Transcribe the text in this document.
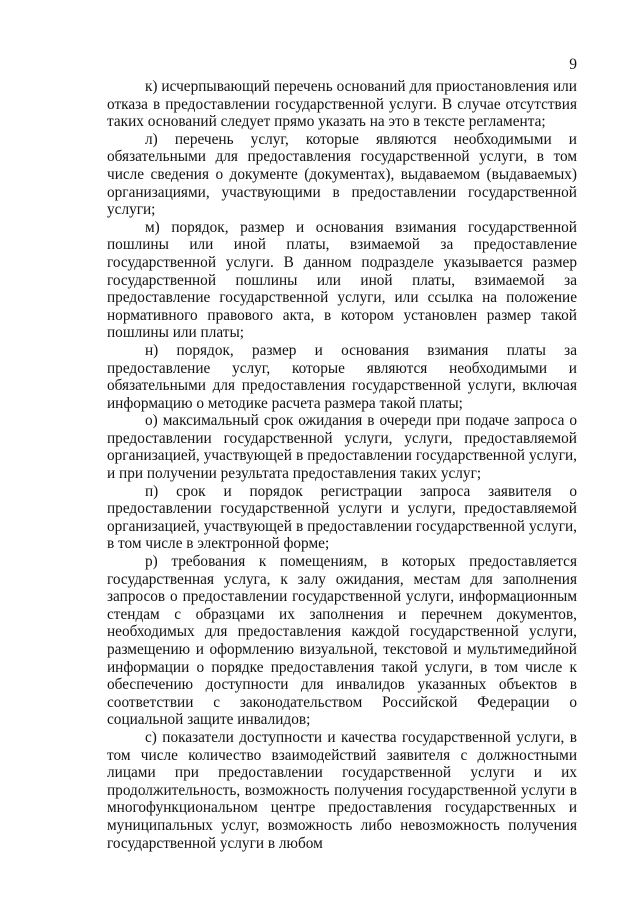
9

к) исчерпывающий перечень оснований для приостановления или отказа в предоставлении государственной услуги. В случае отсутствия таких оснований следует прямо указать на это в тексте регламента;

л) перечень услуг, которые являются необходимыми и обязательными для предоставления государственной услуги, в том числе сведения о документе (документах), выдаваемом (выдаваемых) организациями, участвующими в предоставлении государственной услуги;

м) порядок, размер и основания взимания государственной пошлины или иной платы, взимаемой за предоставление государственной услуги. В данном подразделе указывается размер государственной пошлины или иной платы, взимаемой за предоставление государственной услуги, или ссылка на положение нормативного правового акта, в котором установлен размер такой пошлины или платы;

н) порядок, размер и основания взимания платы за предоставление услуг, которые являются необходимыми и обязательными для предоставления государственной услуги, включая информацию о методике расчета размера такой платы;

о) максимальный срок ожидания в очереди при подаче запроса о предоставлении государственной услуги, услуги, предоставляемой организацией, участвующей в предоставлении государственной услуги, и при получении результата предоставления таких услуг;

п) срок и порядок регистрации запроса заявителя о предоставлении государственной услуги и услуги, предоставляемой организацией, участвующей в предоставлении государственной услуги, в том числе в электронной форме;

р) требования к помещениям, в которых предоставляется государственная услуга, к залу ожидания, местам для заполнения запросов о предоставлении государственной услуги, информационным стендам с образцами их заполнения и перечнем документов, необходимых для предоставления каждой государственной услуги, размещению и оформлению визуальной, текстовой и мультимедийной информации о порядке предоставления такой услуги, в том числе к обеспечению доступности для инвалидов указанных объектов в соответствии с законодательством Российской Федерации о социальной защите инвалидов;

с) показатели доступности и качества государственной услуги, в том числе количество взаимодействий заявителя с должностными лицами при предоставлении государственной услуги и их продолжительность, возможность получения государственной услуги в многофункциональном центре предоставления государственных и муниципальных услуг, возможность либо невозможность получения государственной услуги в любом
